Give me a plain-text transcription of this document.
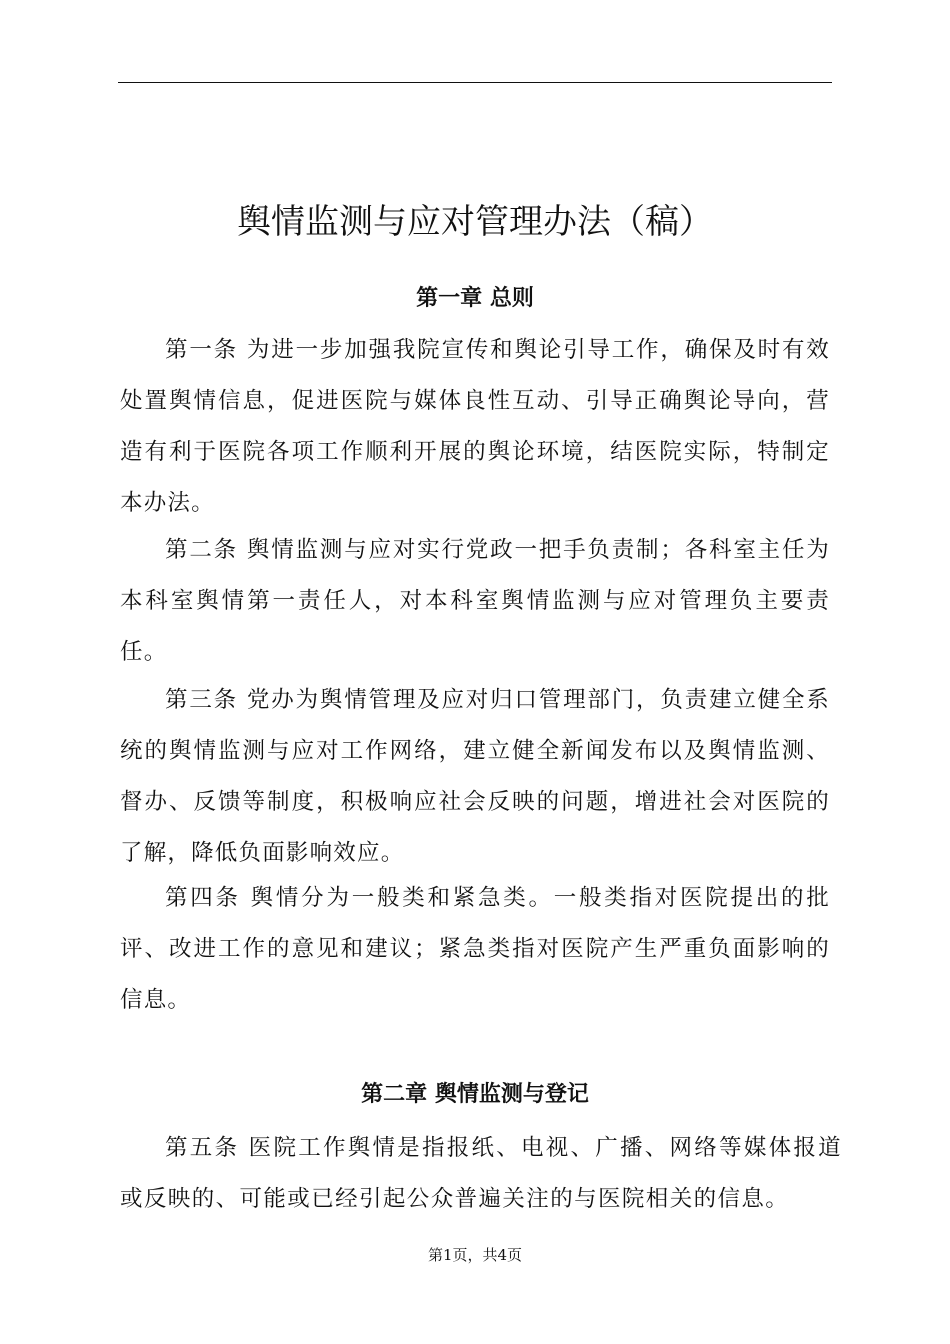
舆情监测与应对管理办法（稿）
第一章 总则

第一条 为进一步加强我院宣传和舆论引导工作，确保及时有效处置舆情信息，促进医院与媒体良性互动、引导正确舆论导向，营造有利于医院各项工作顺利开展的舆论环境，结医院实际，特制定本办法。

第二条 舆情监测与应对实行党政一把手负责制；各科室主任为本科室舆情第一责任人，对本科室舆情监测与应对管理负主要责任。

第三条 党办为舆情管理及应对归口管理部门，负责建立健全系统的舆情监测与应对工作网络，建立健全新闻发布以及舆情监测、督办、反馈等制度，积极响应社会反映的问题，增进社会对医院的了解，降低负面影响效应。

第四条 舆情分为一般类和紧急类。一般类指对医院提出的批评、改进工作的意见和建议；紧急类指对医院产生严重负面影响的信息。

第二章 舆情监测与登记

第五条 医院工作舆情是指报纸、电视、广播、网络等媒体报道或反映的、可能或已经引起公众普遍关注的与医院相关的信息。

第1页，共4页
